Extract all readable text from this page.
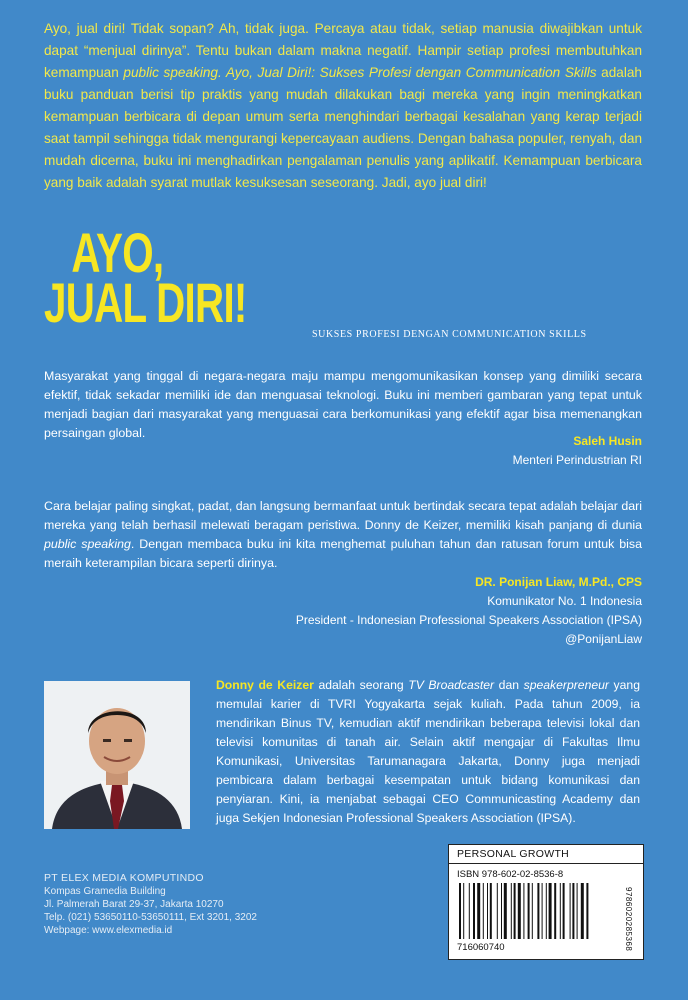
Ayo, jual diri! Tidak sopan? Ah, tidak juga. Percaya atau tidak, setiap manusia diwajibkan untuk dapat “menjual dirinya”. Tentu bukan dalam makna negatif. Hampir setiap profesi membutuhkan kemampuan public speaking. Ayo, Jual Diri!: Sukses Profesi dengan Communication Skills adalah buku panduan berisi tip praktis yang mudah dilakukan bagi mereka yang ingin meningkatkan kemampuan berbicara di depan umum serta menghindari berbagai kesalahan yang kerap terjadi saat tampil sehingga tidak mengurangi kepercayaan audiens. Dengan bahasa populer, renyah, dan mudah dicerna, buku ini menghadirkan pengalaman penulis yang aplikatif. Kemampuan berbicara yang baik adalah syarat mutlak kesuksesan seseorang. Jadi, ayo jual diri!

AYO,
JUAL DIRI!
SUKSES PROFESI DENGAN COMMUNICATION SKILLS

Masyarakat yang tinggal di negara-negara maju mampu mengomunikasikan konsep yang dimiliki secara efektif, tidak sekadar memiliki ide dan menguasai teknologi. Buku ini memberi gambaran yang tepat untuk menjadi bagian dari masyarakat yang menguasai cara berkomunikasi yang efektif agar bisa memenangkan persaingan global.

Saleh Husin
Menteri Perindustrian RI

Cara belajar paling singkat, padat, dan langsung bermanfaat untuk bertindak secara tepat adalah belajar dari mereka yang telah berhasil melewati beragam peristiwa. Donny de Keizer, memiliki kisah panjang di dunia public speaking. Dengan membaca buku ini kita menghemat puluhan tahun dan ratusan forum untuk bisa meraih keterampilan bicara seperti dirinya.

DR. Ponijan Liaw, M.Pd., CPS
Komunikator No. 1 Indonesia
President - Indonesian Professional Speakers Association (IPSA)
@PonijanLiaw

Donny de Keizer adalah seorang TV Broadcaster dan speakerpreneur yang memulai karier di TVRI Yogyakarta sejak kuliah. Pada tahun 2009, ia mendirikan Binus TV, kemudian aktif mendirikan beberapa televisi lokal dan televisi komunitas di tanah air. Selain aktif mengajar di Fakultas Ilmu Komunikasi, Universitas Tarumanagara Jakarta, Donny juga menjadi pembicara dalam berbagai kesempatan untuk bidang komunikasi dan penyiaran. Kini, ia menjabat sebagai CEO Communicasting Academy dan juga Sekjen Indonesian Professional Speakers Association (IPSA).

PT ELEX MEDIA KOMPUTINDO
Kompas Gramedia Building
Jl. Palmerah Barat 29-37, Jakarta 10270
Telp. (021) 53650110-53650111, Ext 3201, 3202
Webpage: www.elexmedia.id
PERSONAL GROWTH
ISBN 978-602-02-8536-8
9786020285368
716060740
